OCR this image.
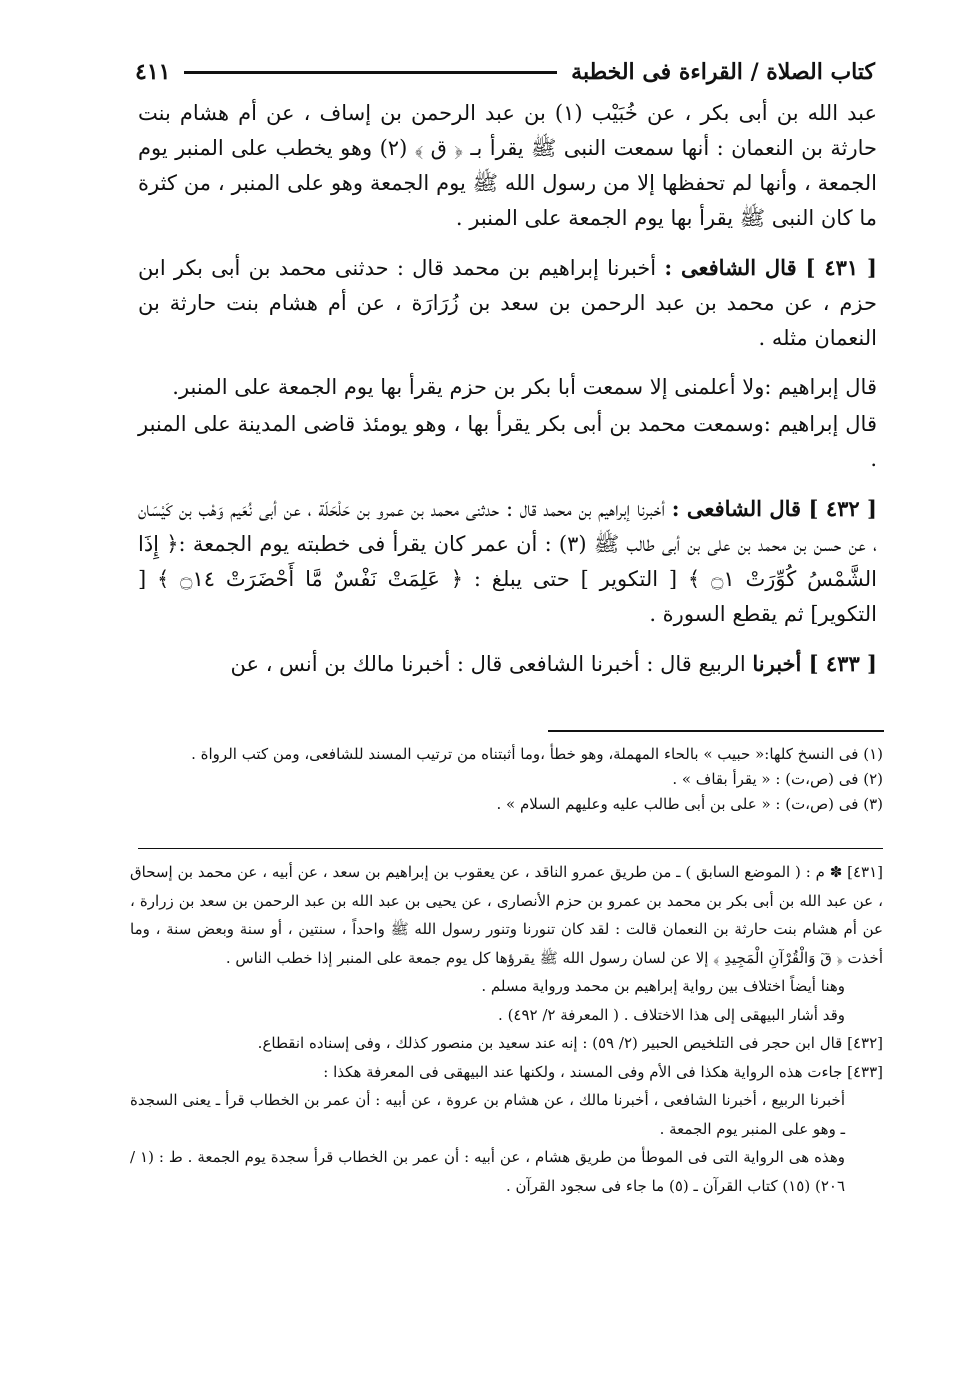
كتاب الصلاة / القراءة فى الخطبة
٤١١

عبد الله بن أبى بكر ، عن خُبَيْب (١) بن عبد الرحمن بن إساف ، عن أم هشام بنت حارثة بن النعمان : أنها سمعت النبى ﷺ يقرأ بـ ﴿ ق ﴾ (٢) وهو يخطب على المنبر يوم الجمعة ، وأنها لم تحفظها إلا من رسول الله ﷺ يوم الجمعة وهو على المنبر ، من كثرة ما كان النبى ﷺ يقرأ بها يوم الجمعة على المنبر .

[ ٤٣١ ] قال الشافعى : أخبرنا إبراهيم بن محمد قال : حدثنى محمد بن أبى بكر ابن حزم ، عن محمد بن عبد الرحمن بن سعد بن زُرَارَة ، عن أم هشام بنت حارثة بن النعمان مثله .

قال إبراهيم :ولا أعلمنى إلا سمعت أبا بكر بن حزم يقرأ بها يوم الجمعة على المنبر.

قال إبراهيم :وسمعت محمد بن أبى بكر يقرأ بها ، وهو يومئذ قاضى المدينة على المنبر .

[ ٤٣٢ ] قال الشافعى : أخبرنا إبراهيم بن محمد قال : حدثنى محمد بن عمرو بن حَلْحَلَة ، عن أبى نُعَيم وَهْب بن كَيْسَان ، عن حسن بن محمد بن على بن أبى طالب ﷺ (٣) : أن عمر كان يقرأ فى خطبته يوم الجمعة :﴿ إِذَا الشَّمْسُ كُوِّرَتْ ۝١ ﴾ [ التكوير ] حتى يبلغ : ﴿ عَلِمَتْ نَفْسٌ مَّا أَحْضَرَتْ ۝١٤ ﴾ [ التكوير] ثم يقطع السورة .

[ ٤٣٣ ] أخبرنا الربيع قال : أخبرنا الشافعى قال : أخبرنا مالك بن أنس ، عن

(١) فى النسخ كلها:« حبيب » بالحاء المهملة، وهو خطأ ،وما أثبتناه من ترتيب المسند للشافعى، ومن كتب الرواة .

(٢) فى (ص،ت) : « يقرأ بقاف » .

(٣) فى (ص،ت) : « على بن أبى طالب عليه وعليهم السلام » .

[٤٣١] ✽ م : ( الموضع السابق ) ـ من طريق عمرو الناقد ، عن يعقوب بن إبراهيم بن سعد ، عن أبيه ، عن محمد بن إسحاق ، عن عبد الله بن أبى بكر بن محمد بن عمرو بن حزم الأنصارى ، عن يحيى بن عبد الله بن عبد الرحمن بن سعد بن زرارة ، عن أم هشام بنت حارثة بن النعمان قالت : لقد كان تنورنا وتنور رسول الله ﷺ واحداً ، سنتين ، أو سنة وبعض سنة ، وما أخذت ﴿ قٓ وَالْقُرْآنِ الْمَجِيدِ ﴾ إلا عن لسان رسول الله ﷺ يقرؤها كل يوم جمعة على المنبر إذا خطب الناس .

وهنا أيضاً اختلاف بين رواية إبراهيم بن محمد ورواية مسلم .

وقد أشار البيهقى إلى هذا الاختلاف . ( المعرفة ٢/ ٤٩٢) .

[٤٣٢] قال ابن حجر فى التلخيص الحبير (٢/ ٥٩) : إنه عند سعيد بن منصور كذلك ، وفى إسناده انقطاع.

[٤٣٣] جاءت هذه الرواية هكذا فى الأم وفى المسند ، ولكنها عند البيهقى فى المعرفة هكذا :

أخبرنا الربيع ، أخبرنا الشافعى ، أخبرنا مالك ، عن هشام بن عروة ، عن أبيه : أن عمر بن الخطاب قرأ ـ يعنى السجدة ـ وهو على المنبر يوم الجمعة .

وهذه هى الرواية التى فى الموطأ من طريق هشام ، عن أبيه : أن عمر بن الخطاب قرأ سجدة يوم الجمعة . ط : (١ / ٢٠٦) (١٥) كتاب القرآن ـ (٥) ما جاء فى سجود القرآن .
